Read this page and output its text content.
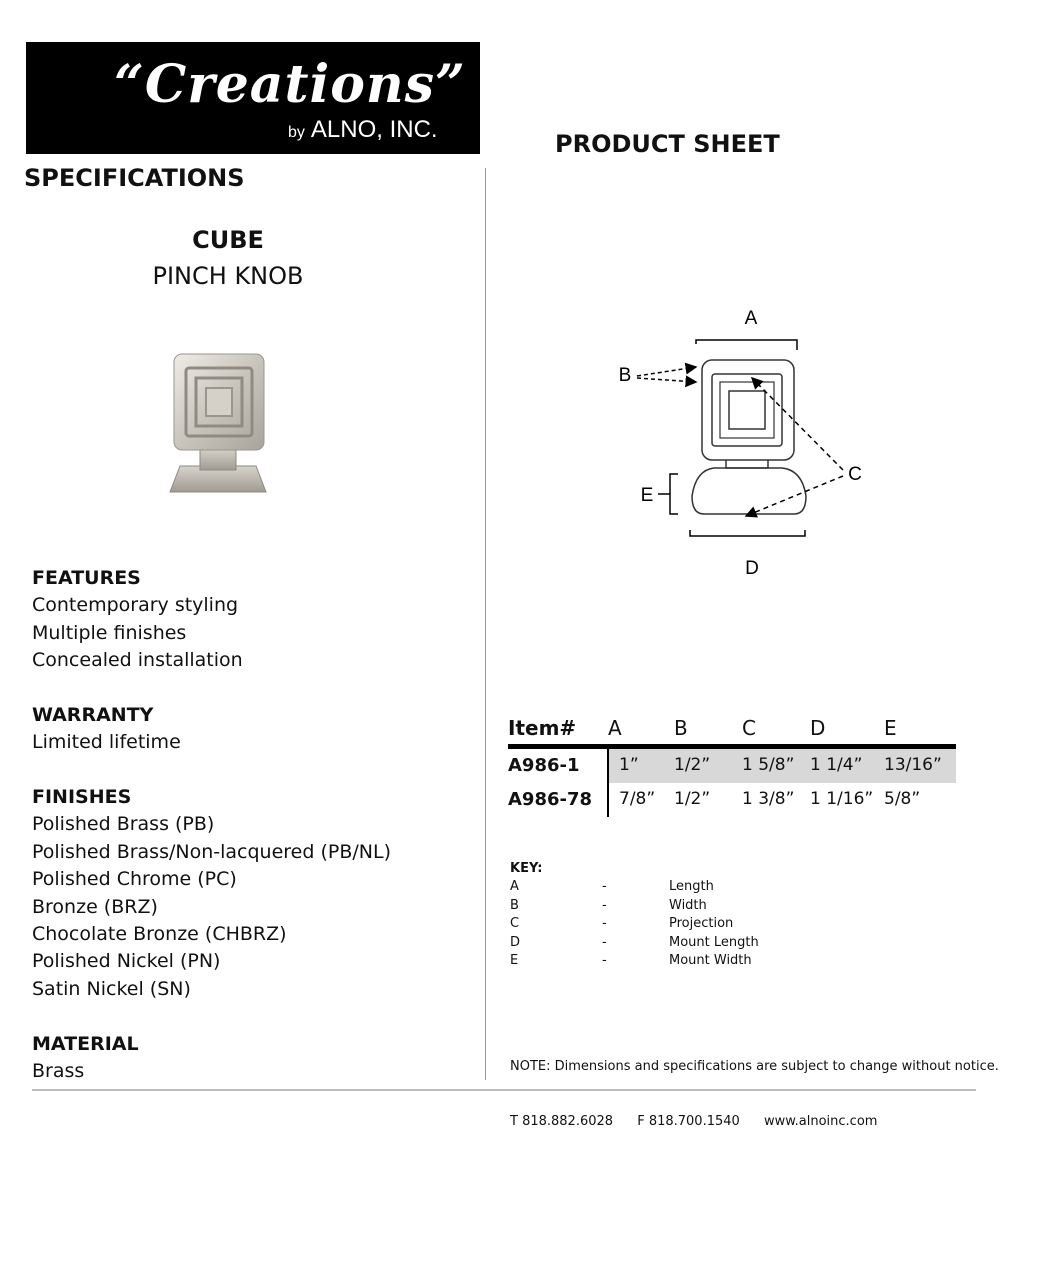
“Creations” ®
by ALNO, INC.
PRODUCT SHEET
SPECIFICATIONS
CUBE
PINCH KNOB
FEATURES
Contemporary styling
Multiple finishes
Concealed installation
WARRANTY
Limited lifetime
FINISHES
Polished Brass (PB)
Polished Brass/Non-lacquered (PB/NL)
Polished Chrome (PC)
Bronze (BRZ)
Chocolate Bronze (CHBRZ)
Polished Nickel (PN)
Satin Nickel (SN)
MATERIAL
Brass
A
B
C
E
D
Item#	A	B	C	D	E
A986-1	1”	1/2”	1 5/8”	1 1/4”	13/16”
A986-78	7/8”	1/2”	1 3/8”	1 1/16”	5/8”
KEY:
A	-	Length
B	-	Width
C	-	Projection
D	-	Mount Length
E	-	Mount Width
NOTE: Dimensions and specifications are subject to change without notice.
T 818.882.6028 F 818.700.1540 www.alnoinc.com
